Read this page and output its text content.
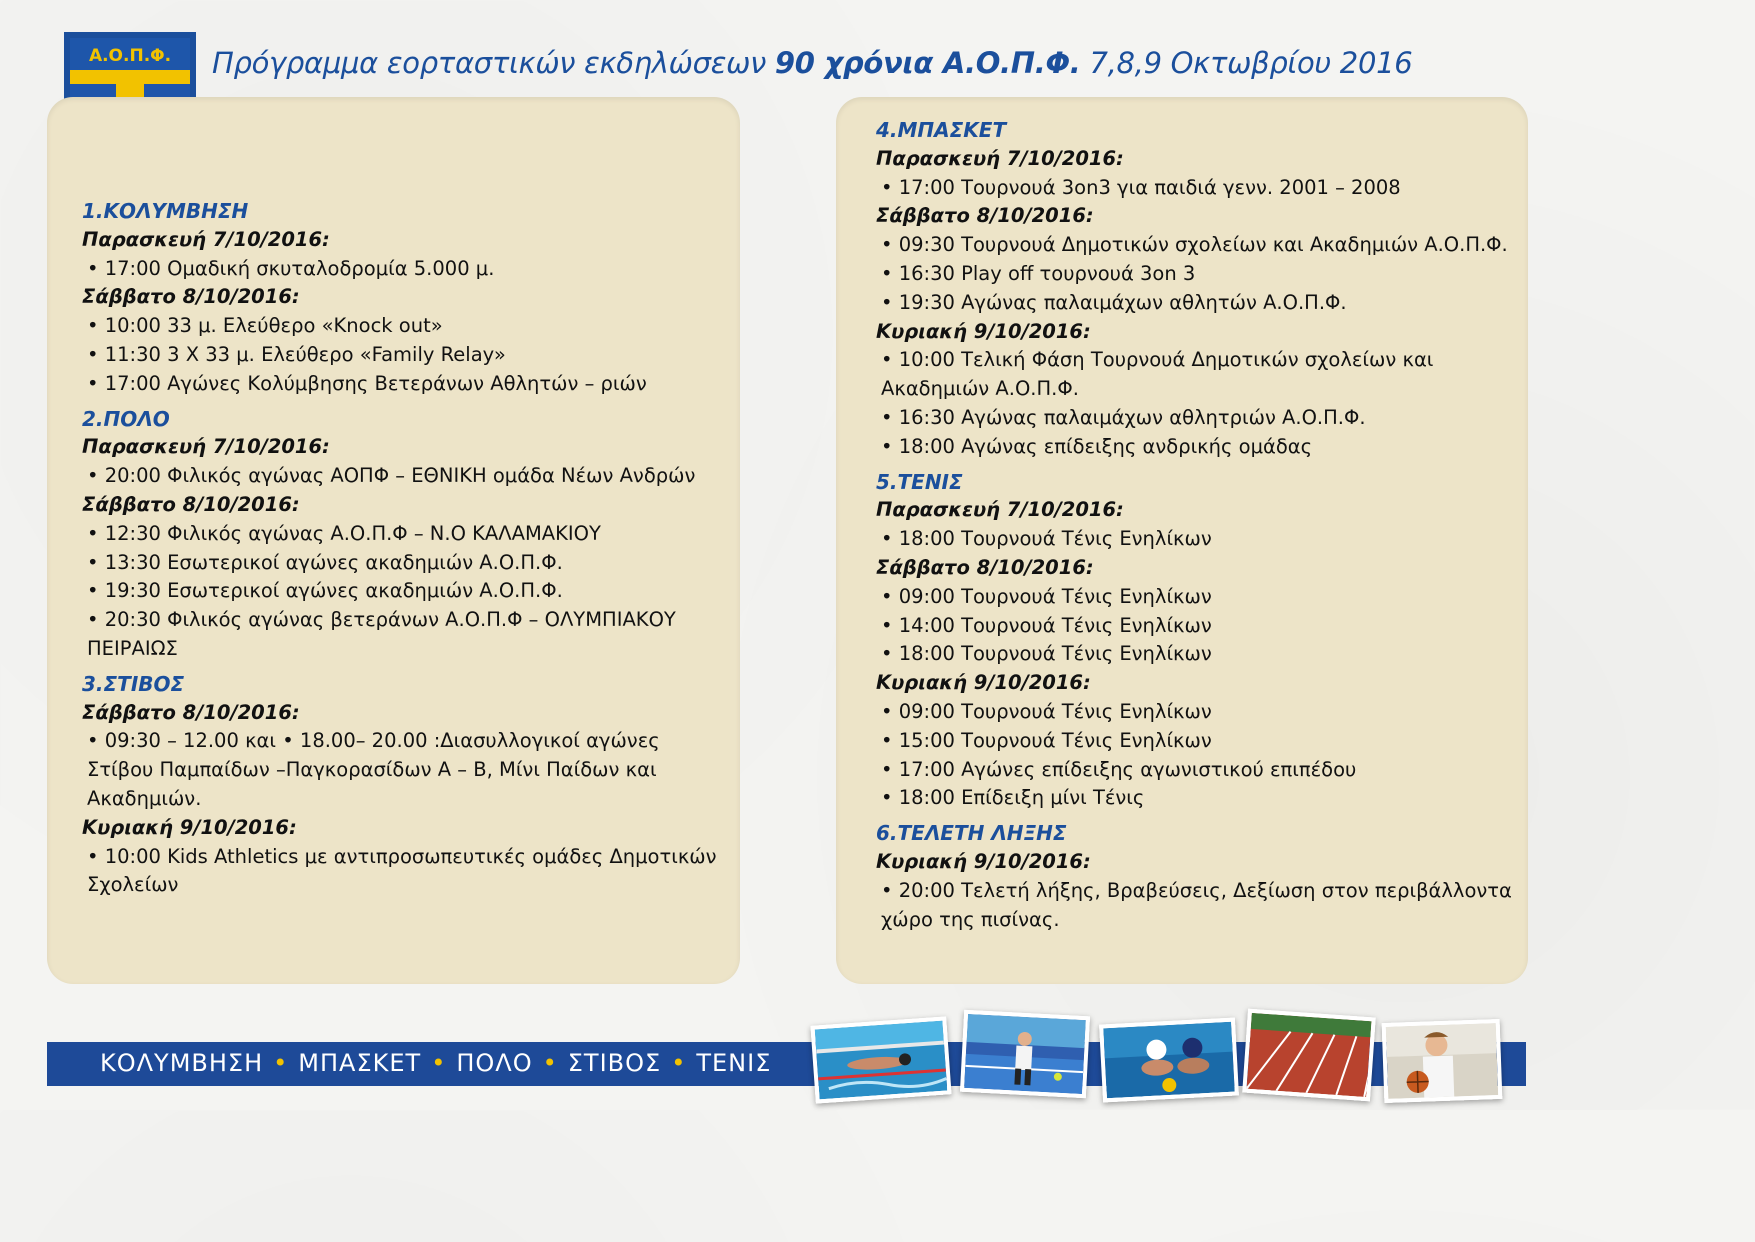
Α.Ο.Π.Φ. Πρόγραμμα εορταστικών εκδηλώσεων 90 χρόνια Α.Ο.Π.Φ. 7,8,9 Οκτωβρίου 2016
1.ΚΟΛΥΜΒΗΣΗ
Παρασκευή 7/10/2016:
• 17:00 Ομαδική σκυταλοδρομία 5.000 μ.
Σάββατο 8/10/2016:
• 10:00 33 μ. Ελεύθερο «Knock out»
• 11:30 3 Χ 33 μ. Ελεύθερο «Family Relay»
• 17:00 Αγώνες Κολύμβησης Βετεράνων Αθλητών – ριών
2.ΠΟΛΟ
Παρασκευή 7/10/2016:
• 20:00 Φιλικός αγώνας ΑΟΠΦ – ΕΘΝΙΚΗ ομάδα Νέων Ανδρών
Σάββατο 8/10/2016:
• 12:30 Φιλικός αγώνας Α.Ο.Π.Φ – Ν.Ο ΚΑΛΑΜΑΚΙΟΥ
• 13:30 Εσωτερικοί αγώνες ακαδημιών Α.Ο.Π.Φ.
• 19:30 Εσωτερικοί αγώνες ακαδημιών Α.Ο.Π.Φ.
• 20:30 Φιλικός αγώνας βετεράνων Α.Ο.Π.Φ – ΟΛΥΜΠΙΑΚΟΥ ΠΕΙΡΑΙΩΣ
3.ΣΤΙΒΟΣ
Σάββατο 8/10/2016:
• 09:30 – 12.00 και • 18.00– 20.00 :Διασυλλογικοί αγώνες Στίβου Παμπαίδων –Παγκορασίδων Α – Β, Μίνι Παίδων και Ακαδημιών.
Κυριακή 9/10/2016:
• 10:00 Kids Athletics με αντιπροσωπευτικές ομάδες Δημοτικών Σχολείων
4.ΜΠΑΣΚΕΤ
Παρασκευή 7/10/2016:
• 17:00 Τουρνουά 3on3 για παιδιά γενν. 2001 – 2008
Σάββατο 8/10/2016:
• 09:30 Τουρνουά Δημοτικών σχολείων και Ακαδημιών Α.Ο.Π.Φ.
• 16:30 Play off τουρνουά 3on 3
• 19:30 Αγώνας παλαιμάχων αθλητών Α.Ο.Π.Φ.
Κυριακή 9/10/2016:
• 10:00 Τελική Φάση Τουρνουά Δημοτικών σχολείων και Ακαδημιών Α.Ο.Π.Φ.
• 16:30 Αγώνας παλαιμάχων αθλητριών Α.Ο.Π.Φ.
• 18:00 Αγώνας επίδειξης ανδρικής ομάδας
5.ΤΕΝΙΣ
Παρασκευή 7/10/2016:
• 18:00 Τουρνουά Τένις Ενηλίκων
Σάββατο 8/10/2016:
• 09:00 Τουρνουά Τένις Ενηλίκων
• 14:00 Τουρνουά Τένις Ενηλίκων
• 18:00 Τουρνουά Τένις Ενηλίκων
Κυριακή 9/10/2016:
• 09:00 Τουρνουά Τένις Ενηλίκων
• 15:00 Τουρνουά Τένις Ενηλίκων
• 17:00 Αγώνες επίδειξης αγωνιστικού επιπέδου
• 18:00 Επίδειξη μίνι Τένις
6.ΤΕΛΕΤΗ ΛΗΞΗΣ
Κυριακή 9/10/2016:
• 20:00 Τελετή λήξης, Βραβεύσεις, Δεξίωση στον περιβάλλοντα χώρο της πισίνας.
ΚΟΛΥΜΒΗΣΗ • ΜΠΑΣΚΕΤ • ΠΟΛΟ • ΣΤΙΒΟΣ • ΤΕΝΙΣ
